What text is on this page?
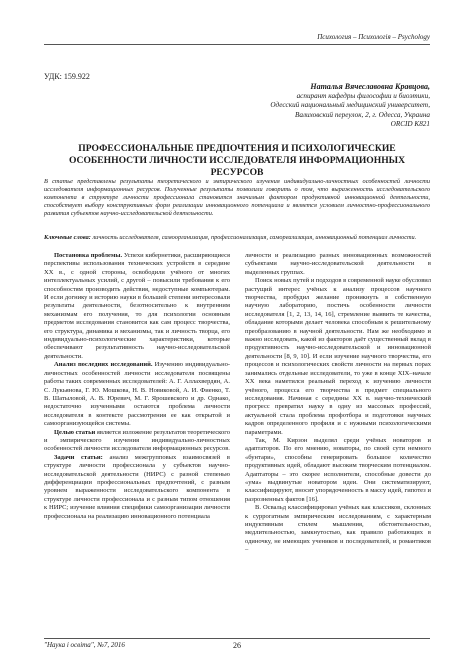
Психология – Психологія – Psychology
УДК: 159.922
Наталья Вячеславовна Кравцова,
аспирант кафедры философии и биоэтики,
Одесский национальный медицинский университет,
Валиховский переулок, 2, г. Одесса, Украина
ORCID K821
ПРОФЕССИОНАЛЬНЫЕ ПРЕДПОЧТЕНИЯ И ПСИХОЛОГИЧЕСКИЕ ОСОБЕННОСТИ ЛИЧНОСТИ ИССЛЕДОВАТЕЛЯ ИНФОРМАЦИОННЫХ РЕСУРСОВ
В статье представлены результаты теоретического и эмпирического изучения индивидуально-личностных особенностей личности исследователя информационных ресурсов. Полученные результаты позволили говорить о том, что выраженность исследовательского компонента в структуре личности профессионала становится значимым фактором продуктивной инновационной деятельности, способствует выбору конструктивных форм реализации инновационного потенциала и является условием личностно-профессионального развития субъектов научно-исследовательской деятельности.
Ключевые слова: личность исследователя, самоорганизация, профессионализация, самореализация, инновационный потенциал личности.

Постановка проблемы. Успехи кибернетики, расширяющиеся перспективы использования технических устройств в середине XX в., с одной стороны, освободили учёного от многих интеллектуальных усилий, с другой – повысили требования к его способностям производить действия, недоступные компьютерам. И если догнику и историю науки в большей степени интересовали результаты деятельности, безотносительно к внутренним механизмам его получения, то для психологии основным предметом исследования становится как сам процесс творчества, его структура, динамика и механизмы, так и личность творца, его индивидуально-психологические характеристики, которые обеспечивают результативность научно-исследовательской деятельности.

Анализ последних исследований. Изучению индивидуально-личностных особенностей личности исследователя посвящены работы таких современных исследователей: А. Г. Аллахвердян, А. С. Лукьянова, Г. Ю. Мошкова, Н. В. Новиковой, А. И. Фиенко, Т. В. Шатыловой, А. В. Юревич, М. Г. Ярошевского и др. Однако, недостаточно изученными остаются проблема личности исследователя в контексте рассмотрения ее как открытой и самоорганизующейся системы.

Целью статьи является изложение результатов теоретического и эмпирического изучения индивидуально-личностных особенностей личности исследователя информационных ресурсов.

Задачи статьи: анализ межгрупповых взаимосвязей в структуре личности профессионала у субъектов научно-исследовательской деятельности (НИРС) с разной степенью дифференциации профессиональных предпочтений, с разным уровнем выраженности исследовательского компонента в структуре личности профессионала и с разным типом отношения к НИРС; изучение влияния специфики самоорганизации личности профессионала на реализацию инновационного потенциала

личности и реализацию разных инновационных возможностей субъектами научно-исследовательской деятельности в выделенных группах.

Поиск новых путей и подходов в современной науке обусловил растущий интерес учёных к анализу процессов научного творчества, пробудил желание проникнуть в собственную научную лабораторию, постичь особенности личности исследователя [1, 2, 13, 14, 16], стремление выявить те качества, обладание которыми делает человека способным к решительному преобразованию в научной деятельности. Нам же необходимо и важно исследовать, какой из факторов даёт существенный вклад в продуктивность научно-исследовательской и инновационной деятельности [8, 9, 10]. И если изучение научного творчества, его процессов и психологических свойств личности на первых порах занимались отдельные исследователи, то уже в конце XIX–начале XX века наметился реальный переход к изучению личности учёного, процесса его творчества в предмет специального исследования. Начиная с середины XX в. научно-технический прогресс превратил науку в одну из массовых профессий, актуальной стала проблема профотбора и подготовки научных кадров определенного профиля и с нужными психологическими параметрами.

Так, М. Кирзон выделял среди учёных новаторов и адаптаторов. По его мнению, новаторы, по своей сути немного «бунтари», способны генерировать большое количество продуктивных идей, обладают высоким творческим потенциалом. Адаптаторы – это скорее исполнители, способные довести до «ума» выдвинутые новатором идеи. Они систематизируют, классифицируют, вносят упорядоченность в массу идей, гипотез и разрозненных фактов [16].

В. Освальд классифицировал учёных как классиков, склонных к суррогатным эмпирическим исследованиям, с характерным индуктивным стилем мышления, обстоятельностью, медлительностью, замкнутостью, как правило работающих в одиночку, не имеющих учеников и последователей, и романтиков –

"Наука і освіта", №7, 2016	26
